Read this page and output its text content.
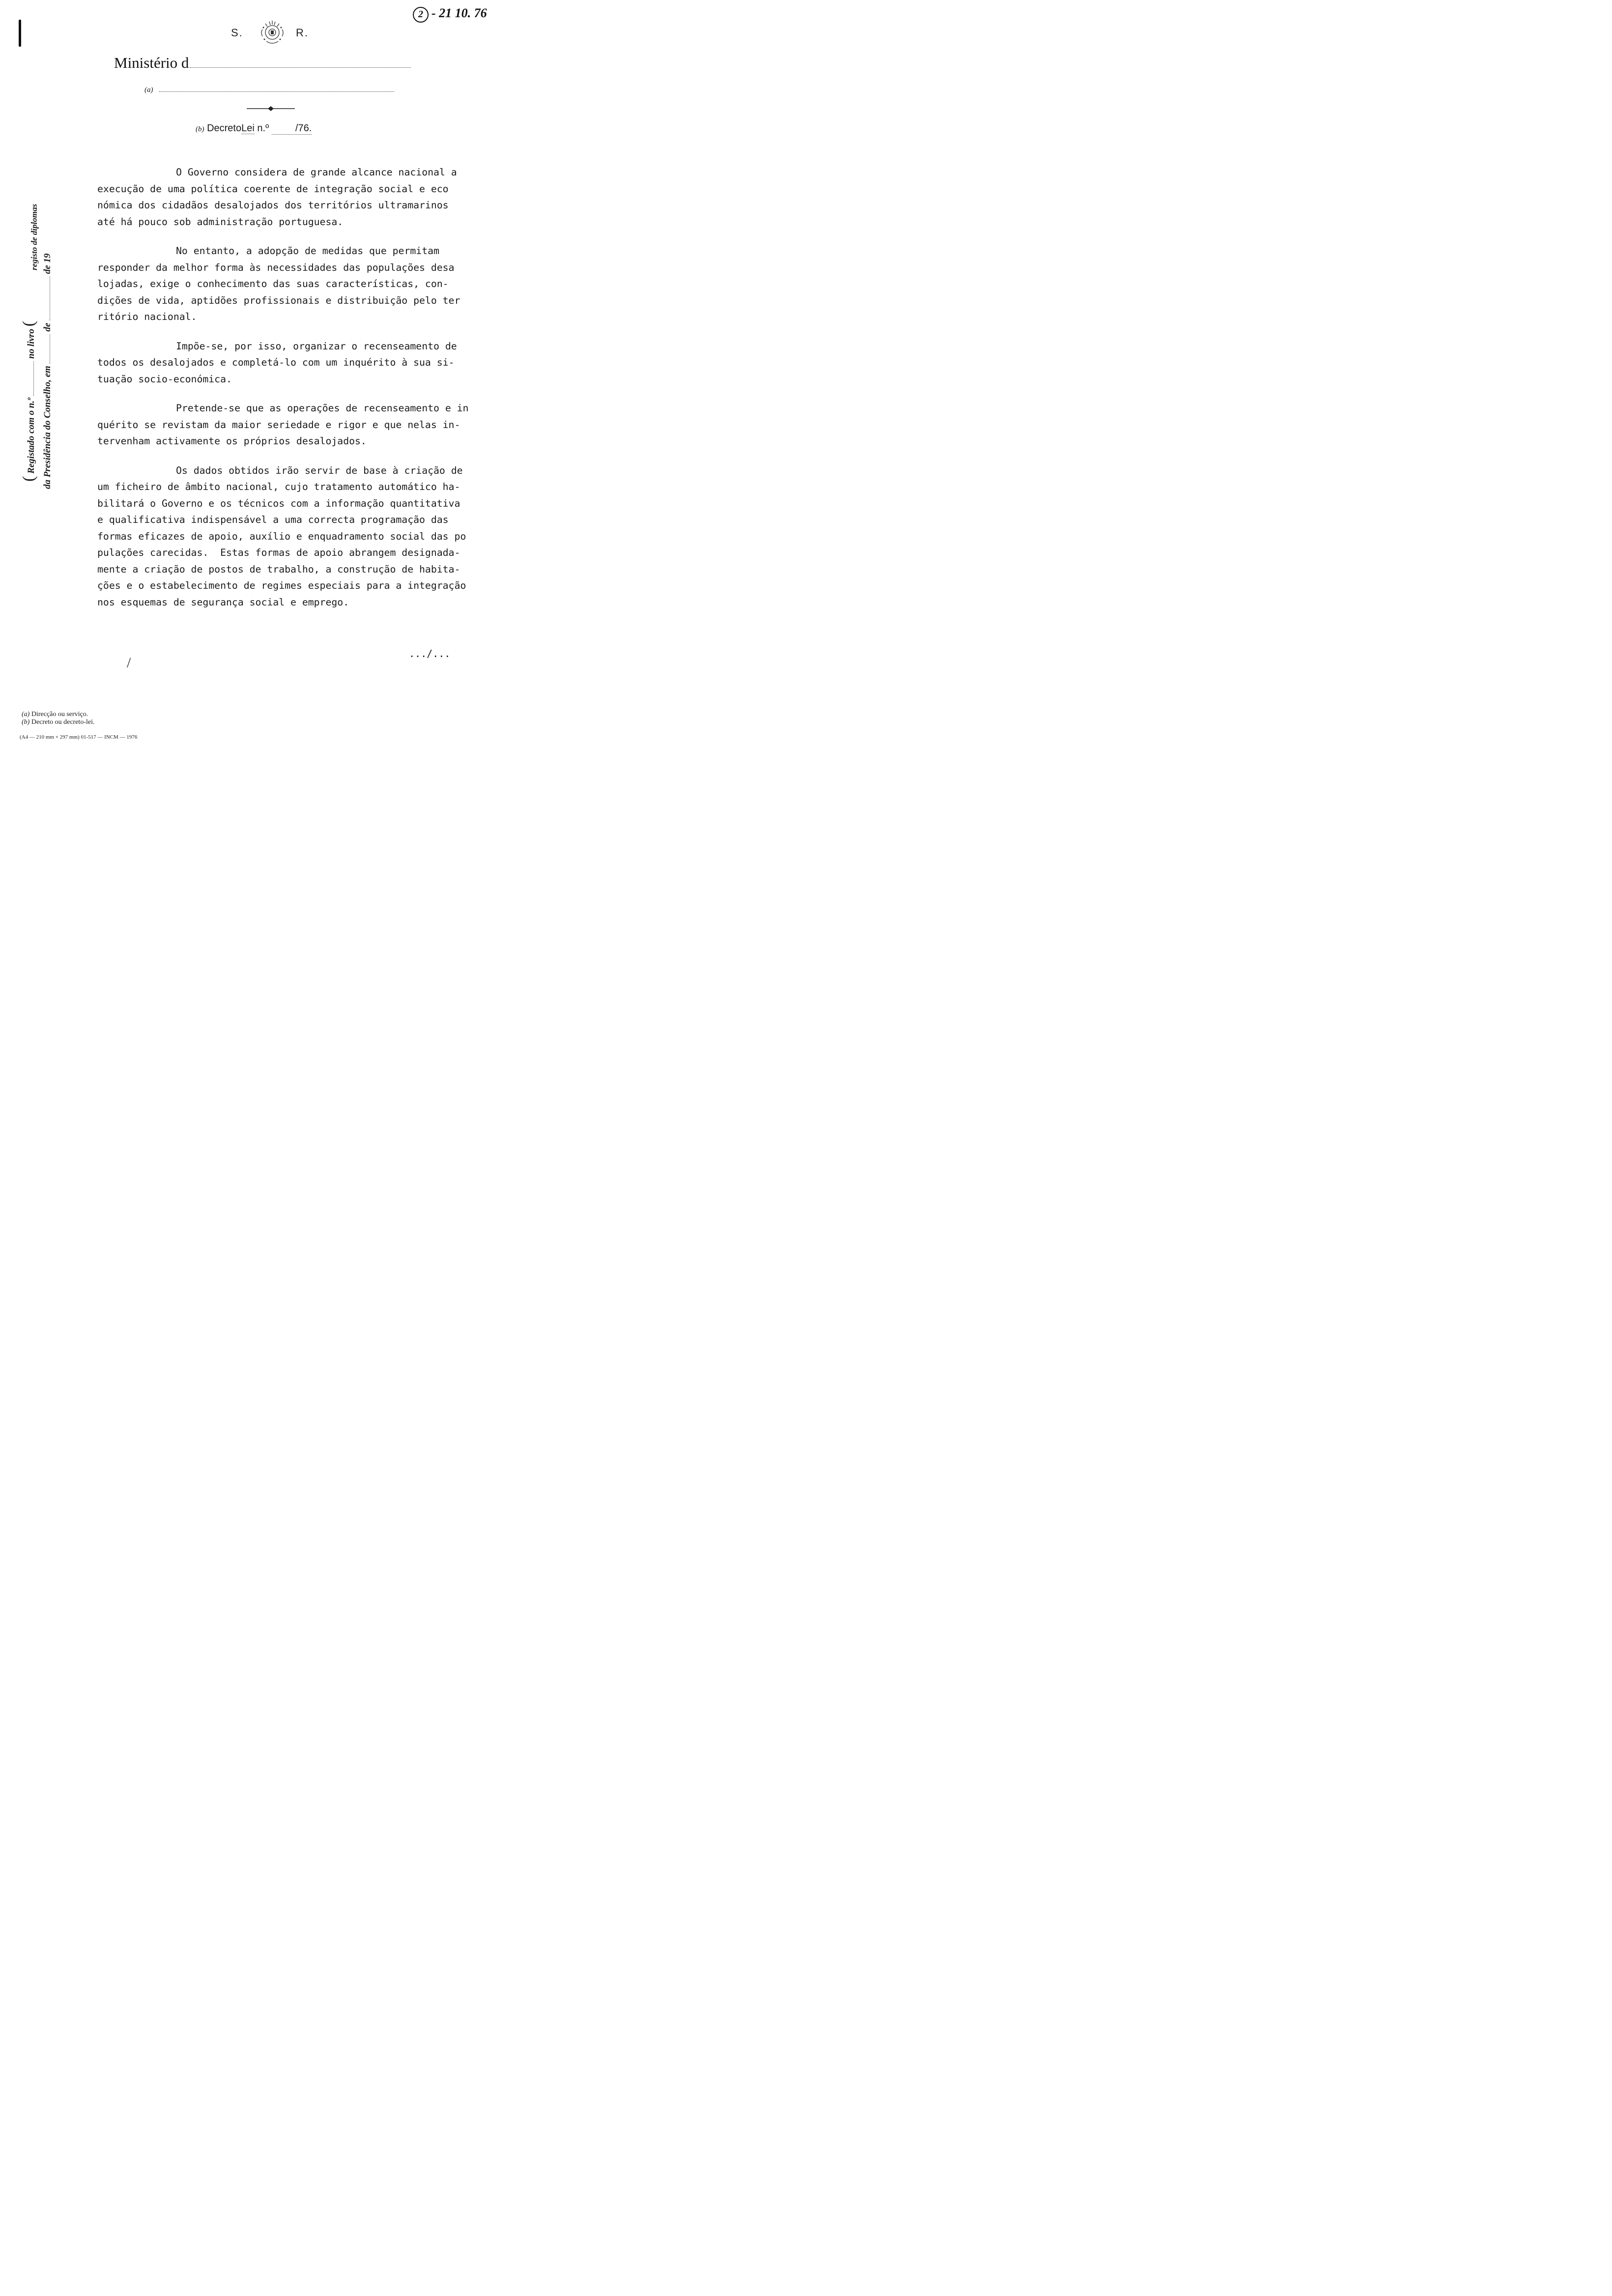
2 - 21 10. 76
S.	R.
Ministério d
(a)
(b) DecretoLei n.º	/76.

O Governo considera de grande alcance nacional a
execução de uma política coerente de integração social e eco
nómica dos cidadãos desalojados dos territórios ultramarinos
até há pouco sob administração portuguesa.

No entanto, a adopção de medidas que permitam
responder da melhor forma às necessidades das populações desa
lojadas, exige o conhecimento das suas características, con-
dições de vida, aptidões profissionais e distribuição pelo ter
ritório nacional.

Impõe-se, por isso, organizar o recenseamento de
todos os desalojados e completá-lo com um inquérito à sua si-
tuação socio-económica.

Pretende-se que as operações de recenseamento e in
quérito se revistam da maior seriedade e rigor e que nelas in-
tervenham activamente os próprios desalojados.

Os dados obtidos irão servir de base à criação de
um ficheiro de âmbito nacional, cujo tratamento automático ha-
bilitará o Governo e os técnicos com a informação quantitativa
e qualificativa indispensável a uma correcta programação das
formas eficazes de apoio, auxílio e enquadramento social das po
pulações carecidas.  Estas formas de apoio abrangem designada-
mente a criação de postos de trabalho, a construção de habita-
ções e o estabelecimento de regimes especiais para a integração
nos esquemas de segurança social e emprego.

.../...
/
( Registado com o n.º  no livro (
da Presidência do Conselho, em  de  de 19
registo de diplomas
(a) Direcção ou serviço.
(b) Decreto ou decreto-lei.
(A4 — 210 mm × 297 mm) 01-517 — INCM — 1976
